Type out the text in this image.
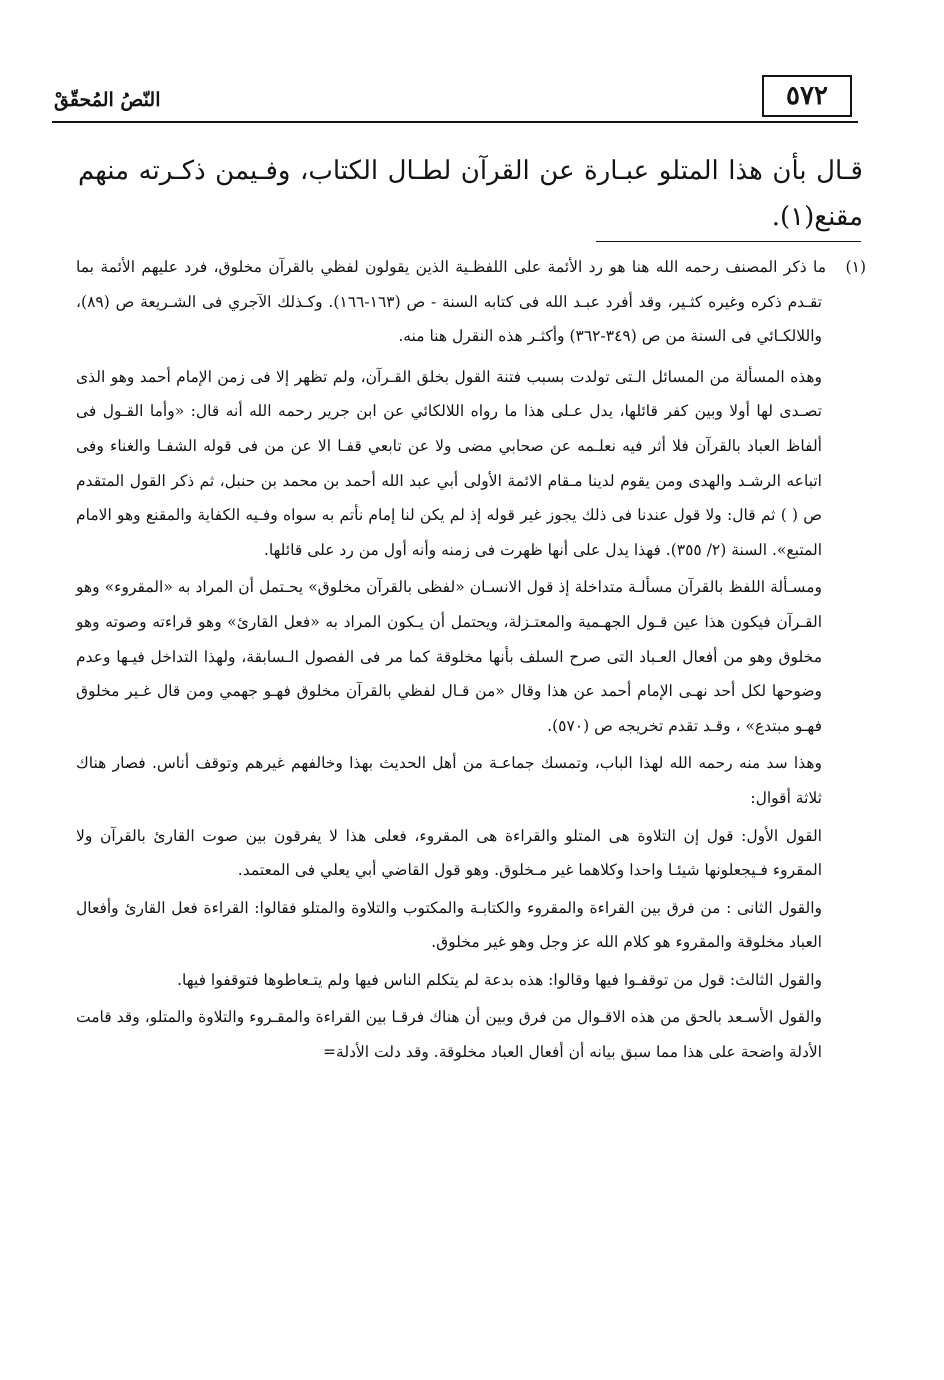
٥٧٢
النّصُ المُحقّقْ
قـال بأن هذا المتلو عبـارة عن القرآن لطـال الكتاب، وفـيمن ذكـرته منهم مقنع(١).

(١)ما ذكر المصنف رحمه الله هنا هو رد الأئمة على اللفظـية الذين يقولون لفظي بالقرآن مخلوق، فرد عليهم الأئمة بما تقـدم ذكره وغيره كثـير، وقد أفرد عبـد الله فى كتابه السنة - ص (١٦٣-١٦٦). وكـذلك الآجري فى الشـريعة ص (٨٩)، واللالكـائي فى السنة من ص (٣٤٩-٣٦٢) وأكثـر هذه النقرل هنا منه.

وهذه المسألة من المسائل الـتى تولدت بسبب فتنة القول بخلق القـرآن، ولم تظهر إلا فى زمن الإمام أحمد وهو الذى تصـدى لها أولا وبين كفر قائلها، يدل عـلى هذا ما رواه اللالكائي عن ابن جرير رحمه الله أنه قال: «وأما القـول فى ألفاظ العباد بالقرآن فلا أثر فيه نعلـمه عن صحابي مضى ولا عن تابعي قفـا الا عن من فى قوله الشفـا والغناء وفى اتباعه الرشـد والهدى ومن يقوم لدينا مـقام الائمة الأولى أبي عبد الله أحمد بن محمد بن حنبل، ثم ذكر القول المتقدم ص ( ) ثم قال: ولا قول عندنا فى ذلك يجوز غير قوله إذ لم يكن لنا إمام نأتم به سواه وفـيه الكفاية والمقنع وهو الامام المتبع». السنة (٢/ ٣٥٥). فهذا يدل على أنها ظهرت فى زمنه وأنه أول من رد على قائلها.

ومسـألة اللفظ بالقرآن مسألـة متداخلة إذ قول الانسـان «لفظى بالقرآن مخلوق» يحـتمل أن المراد به «المقروء» وهو القـرآن فيكون هذا عين قـول الجهـمية والمعتـزلة، ويحتمل أن يـكون المراد به «فعل القارئ» وهو قراءته وصوته وهو مخلوق وهو من أفعال العـباد التى صرح السلف بأنها مخلوقة كما مر فى الفصول الـسابقة، ولهذا التداخل فيـها وعدم وضوحها لكل أحد نهـى الإمام أحمد عن هذا وقال «من قـال لفظي بالقرآن مخلوق فهـو جهمي ومن قال غـير مخلوق فهـو مبتدع» ، وقـد تقدم تخريجه ص (٥٧٠).

وهذا سد منه رحمه الله لهذا الباب، وتمسك جماعـة من أهل الحديث بهذا وخالفهم غيرهم وتوقف أناس. فصار هناك ثلاثة أقوال:

القول الأول: قول إن التلاوة هى المتلو والقراءة هى المقروء، فعلى هذا لا يفرقون بين صوت القارئ بالقرآن ولا المقروء فـيجعلونها شيئـا واحدا وكلاهما غير مـخلوق. وهو قول القاضي أبي يعلي فى المعتمد.

والقول الثانى : من فرق بين القراءة والمقروء والكتابـة والمكتوب والتلاوة والمتلو فقالوا: القراءة فعل القارئ وأفعال العباد مخلوقة والمقروء هو كلام الله عز وجل وهو غير مخلوق.

والقول الثالث: قول من توقفـوا فيها وقالوا: هذه بدعة لم يتكلم الناس فيها ولم يتـعاطوها فتوقفوا فيها.

والقول الأسـعد بالحق من هذه الاقـوال من فرق وبين أن هناك فرقـا بين القراءة والمقـروء والتلاوة والمتلو، وقد قامت الأدلة واضحة على هذا مما سبق بيانه أن أفعال العباد مخلوقة. وقد دلت الأدلة=
